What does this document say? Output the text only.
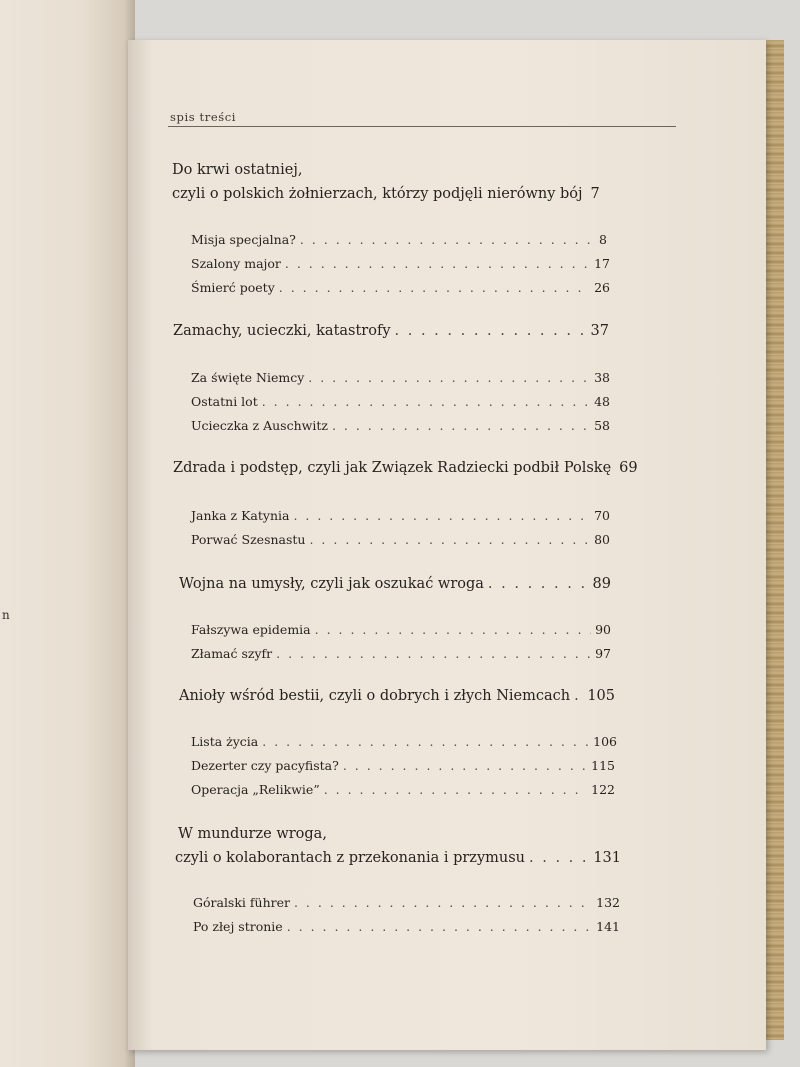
n
spis treści
Do krwi ostatniej,
czyli o polskich żołnierzach, którzy podjęli nierówny bój 7
Misja specjalna? . . .	8
Szalony major . . .	17
Śmierć poety . . .	26
Zamachy, ucieczki, katastrofy . . .	37
Za święte Niemcy . . .	38
Ostatni lot . . .	48
Ucieczka z Auschwitz . . .	58
Zdrada i podstęp, czyli jak Związek Radziecki podbił Polskę 69
Janka z Katynia . . .	70
Porwać Szesnastu . . .	80
Wojna na umysły, czyli jak oszukać wroga . . .	89
Fałszywa epidemia . . .	90
Złamać szyfr . . .	97
Anioły wśród bestii, czyli o dobrych i złych Niemcach . . . 105
Lista życia . . .	106
Dezerter czy pacyfista? . . .	115
Operacja „Relikwie” . . .	122
W mundurze wroga,
czyli o kolaborantach z przekonania i przymusu . . .	131
Góralski führer . . .	132
Po złej stronie . . .	141
